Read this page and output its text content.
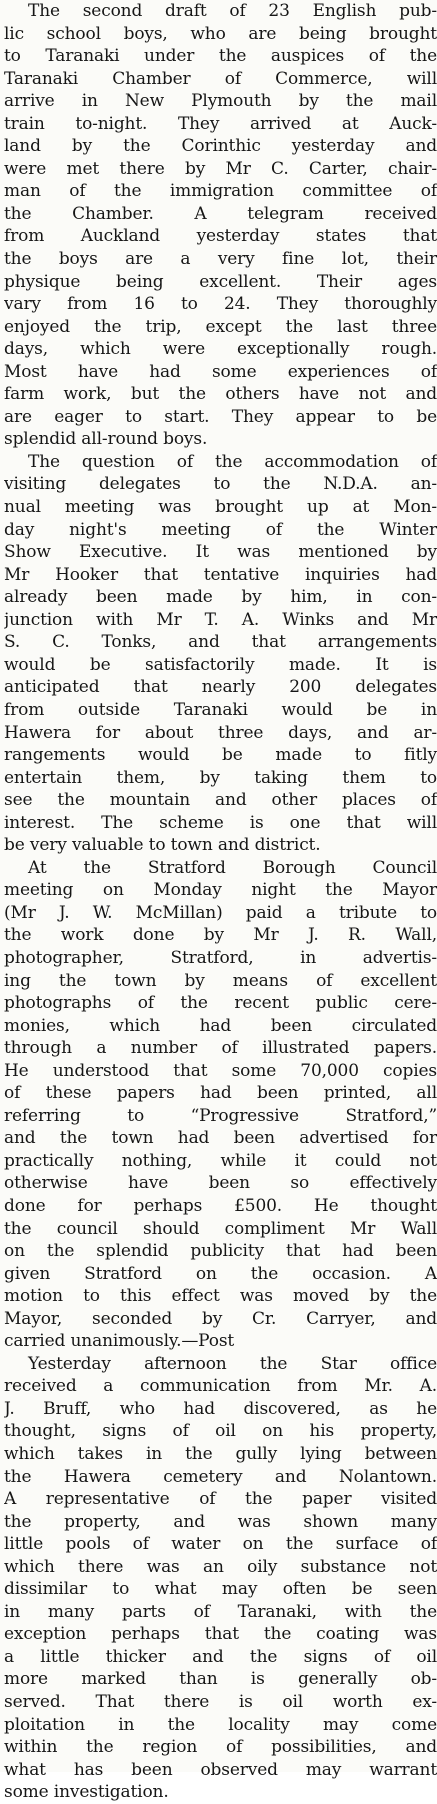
The second draft of 23 English pub-
lic school boys, who are being brought
to Taranaki under the auspices of the
Taranaki Chamber of Commerce, will
arrive in New Plymouth by the mail
train to-night. They arrived at Auck-
land by the Corinthic yesterday and
were met there by Mr C. Carter, chair-
man of the immigration committee of
the Chamber. A telegram received
from Auckland yesterday states that
the boys are a very fine lot, their
physique being excellent. Their ages
vary from 16 to 24. They thoroughly
enjoyed the trip, except the last three
days, which were exceptionally rough.
Most have had some experiences of
farm work, but the others have not and
are eager to start. They appear to be
splendid all-round boys.
The question of the accommodation of
visiting delegates to the N.D.A. an-
nual meeting was brought up at Mon-
day night's meeting of the Winter
Show Executive. It was mentioned by
Mr Hooker that tentative inquiries had
already been made by him, in con-
junction with Mr T. A. Winks and Mr
S. C. Tonks, and that arrangements
would be satisfactorily made. It is
anticipated that nearly 200 delegates
from outside Taranaki would be in
Hawera for about three days, and ar-
rangements would be made to fitly
entertain them, by taking them to
see the mountain and other places of
interest. The scheme is one that will
be very valuable to town and district.
At the Stratford Borough Council
meeting on Monday night the Mayor
(Mr J. W. McMillan) paid a tribute to
the work done by Mr J. R. Wall,
photographer, Stratford, in advertis-
ing the town by means of excellent
photographs of the recent public cere-
monies, which had been circulated
through a number of illustrated papers.
He understood that some 70,000 copies
of these papers had been printed, all
referring to “Progressive Stratford,”
and the town had been advertised for
practically nothing, while it could not
otherwise have been so effectively
done for perhaps £500. He thought
the council should compliment Mr Wall
on the splendid publicity that had been
given Stratford on the occasion. A
motion to this effect was moved by the
Mayor, seconded by Cr. Carryer, and
carried unanimously.—Post
Yesterday afternoon the Star office
received a communication from Mr. A.
J. Bruff, who had discovered, as he
thought, signs of oil on his property,
which takes in the gully lying between
the Hawera cemetery and Nolantown.
A representative of the paper visited
the property, and was shown many
little pools of water on the surface of
which there was an oily substance not
dissimilar to what may often be seen
in many parts of Taranaki, with the
exception perhaps that the coating was
a little thicker and the signs of oil
more marked than is generally ob-
served. That there is oil worth ex-
ploitation in the locality may come
within the region of possibilities, and
what has been observed may warrant
some investigation.
